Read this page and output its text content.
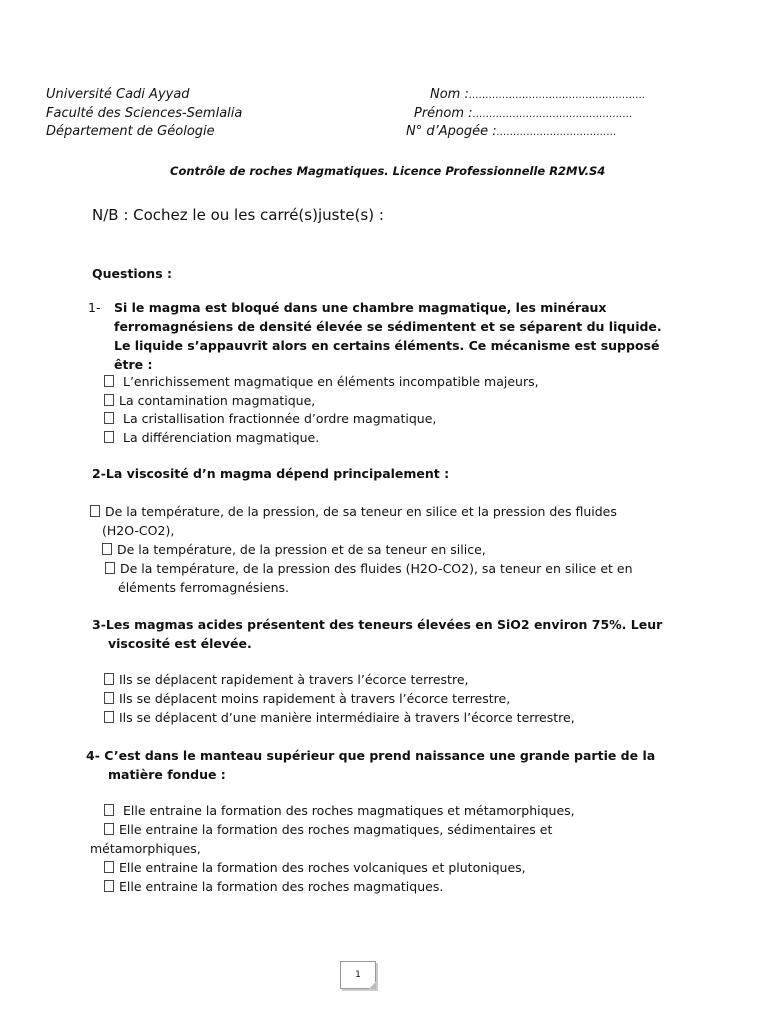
Université Cadi Ayyad
Faculté des Sciences-Semlalia
Département de Géologie
Nom :……………………………………………..
Prénom :…………………………………………
N° d’Apogée :………………………………
Contrôle de roches Magmatiques. Licence Professionnelle R2MV.S4
N/B : Cochez le ou les carré(s)juste(s) :
Questions :
1- Si le magma est bloqué dans une chambre magmatique, les minéraux ferromagnésiens de densité élevée se sédimentent et se séparent du liquide. Le liquide s’appauvrit alors en certains éléments. Ce mécanisme est supposé être :
L’enrichissement magmatique en éléments incompatible majeurs,
La contamination magmatique,
La cristallisation fractionnée d’ordre magmatique,
La différenciation magmatique.
2-La viscosité d’n magma dépend principalement :
De la température, de la pression, de sa teneur en silice et la pression des fluides
(H2O-CO2),
De la température, de la pression et de sa teneur en silice,
De la température, de la pression des fluides (H2O-CO2), sa teneur en silice et en
éléments ferromagnésiens.
3-Les magmas acides présentent des teneurs élevées en SiO2 environ 75%. Leur
viscosité est élevée.
Ils se déplacent rapidement à travers l’écorce terrestre,
Ils se déplacent moins rapidement à travers l’écorce terrestre,
Ils se déplacent d’une manière intermédiaire à travers l’écorce terrestre,
4- C’est dans le manteau supérieur que prend naissance une grande partie de la
matière fondue :
Elle entraine la formation des roches magmatiques et métamorphiques,
Elle entraine la formation des roches magmatiques, sédimentaires et
métamorphiques,
Elle entraine la formation des roches volcaniques et plutoniques,
Elle entraine la formation des roches magmatiques.
1
